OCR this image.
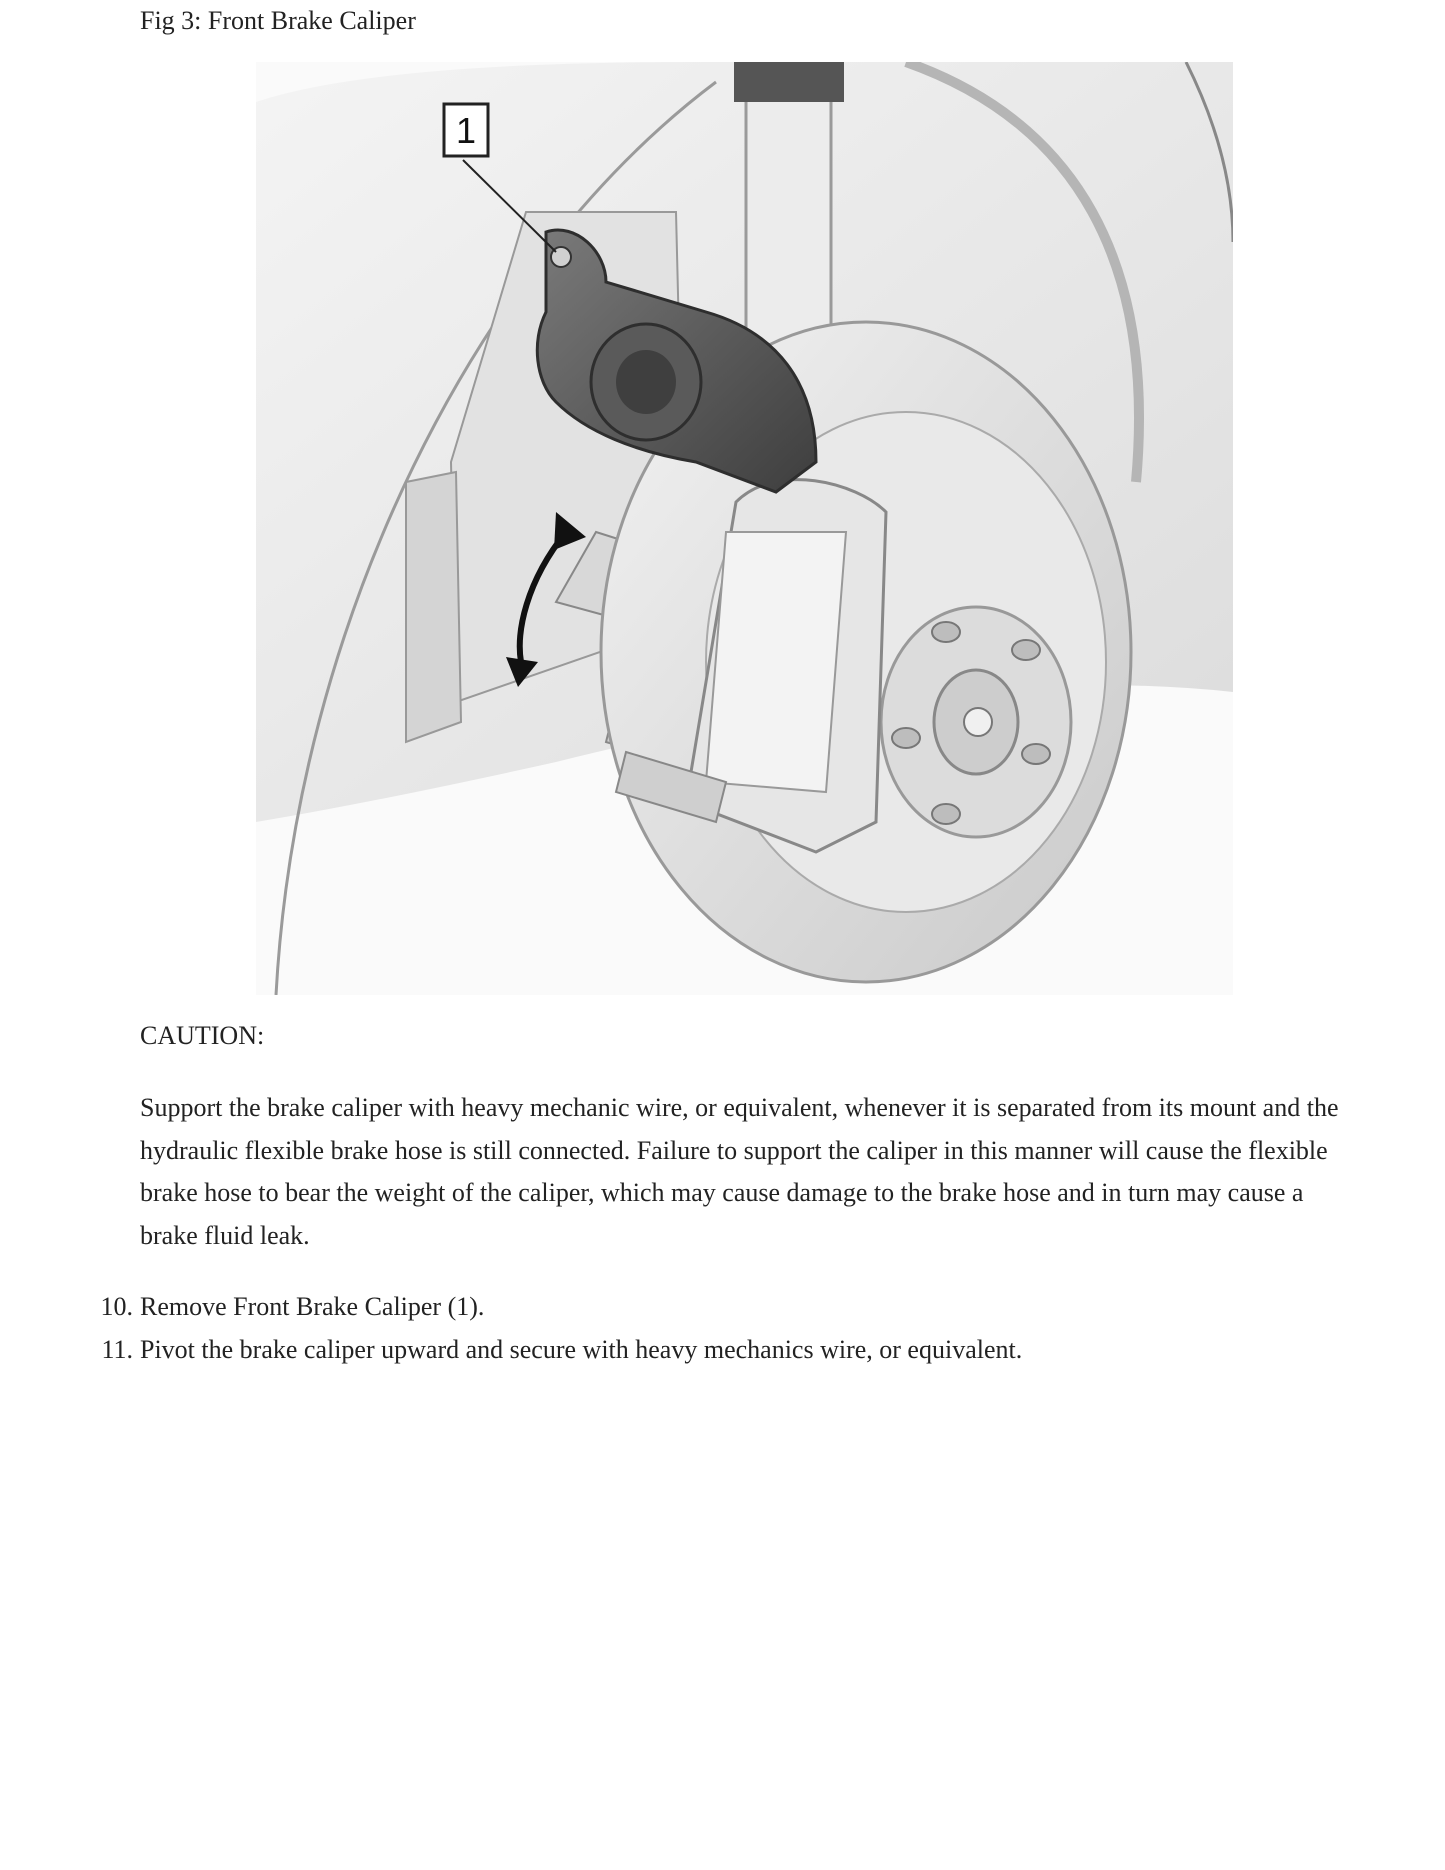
Fig 3: Front Brake Caliper
1
CAUTION:
Support the brake caliper with heavy mechanic wire, or equivalent, whenever it is separated from its mount and the hydraulic flexible brake hose is still connected. Failure to support the caliper in this manner will cause the flexible brake hose to bear the weight of the caliper, which may cause damage to the brake hose and in turn may cause a brake fluid leak.
10. Remove Front Brake Caliper (1).
11. Pivot the brake caliper upward and secure with heavy mechanics wire, or equivalent.
